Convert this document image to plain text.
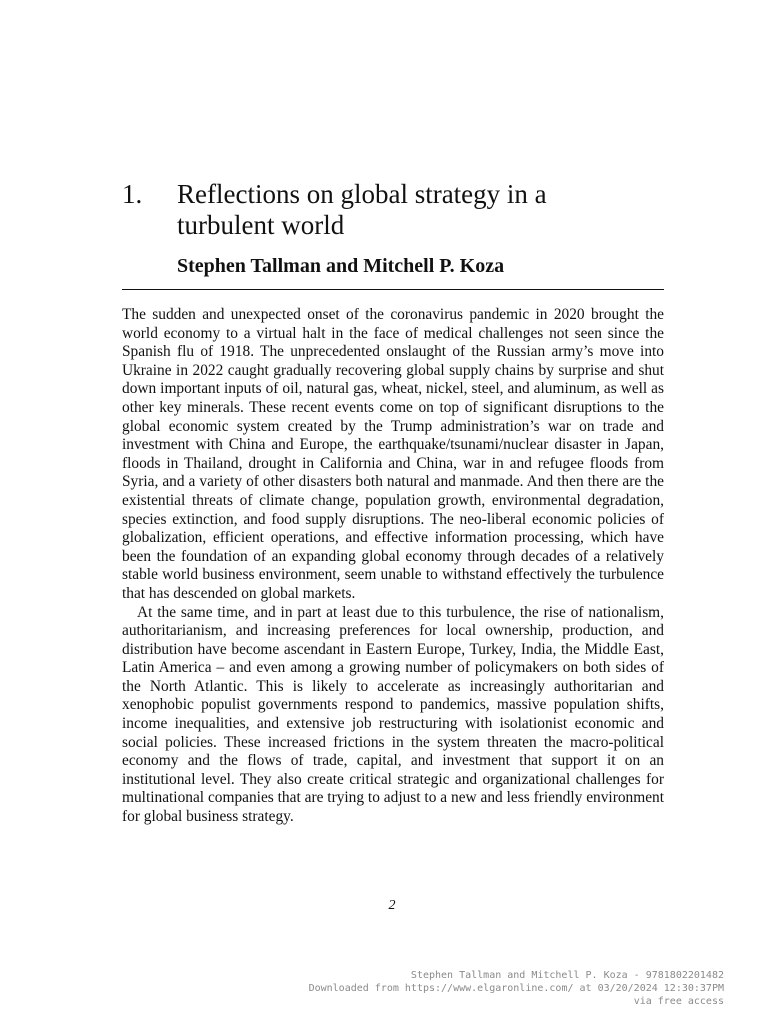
1.	Reflections on global strategy in a turbulent world
Stephen Tallman and Mitchell P. Koza

The sudden and unexpected onset of the coronavirus pandemic in 2020 brought the world economy to a virtual halt in the face of medical challenges not seen since the Spanish flu of 1918. The unprecedented onslaught of the Russian army’s move into Ukraine in 2022 caught gradually recovering global supply chains by surprise and shut down important inputs of oil, natural gas, wheat, nickel, steel, and aluminum, as well as other key minerals. These recent events come on top of significant disruptions to the global economic system created by the Trump administration’s war on trade and investment with China and Europe, the earthquake/tsunami/nuclear disaster in Japan, floods in Thailand, drought in California and China, war in and refugee floods from Syria, and a variety of other disasters both natural and manmade. And then there are the existential threats of climate change, population growth, environmental degradation, species extinction, and food supply disruptions. The neo-liberal economic policies of globalization, efficient operations, and effective information processing, which have been the foundation of an expanding global economy through decades of a relatively stable world business environment, seem unable to withstand effectively the turbulence that has descended on global markets.

At the same time, and in part at least due to this turbulence, the rise of nationalism, authoritarianism, and increasing preferences for local ownership, production, and distribution have become ascendant in Eastern Europe, Turkey, India, the Middle East, Latin America – and even among a growing number of policymakers on both sides of the North Atlantic. This is likely to accelerate as increasingly authoritarian and xenophobic populist governments respond to pandemics, massive population shifts, income inequalities, and extensive job restructuring with isolationist economic and social policies. These increased frictions in the system threaten the macro-political economy and the flows of trade, capital, and investment that support it on an institutional level. They also create critical strategic and organizational challenges for multinational companies that are trying to adjust to a new and less friendly environment for global business strategy.

2
Stephen Tallman and Mitchell P. Koza - 9781802201482
Downloaded from https://www.elgaronline.com/ at 03/20/2024 12:30:37PM
via free access
